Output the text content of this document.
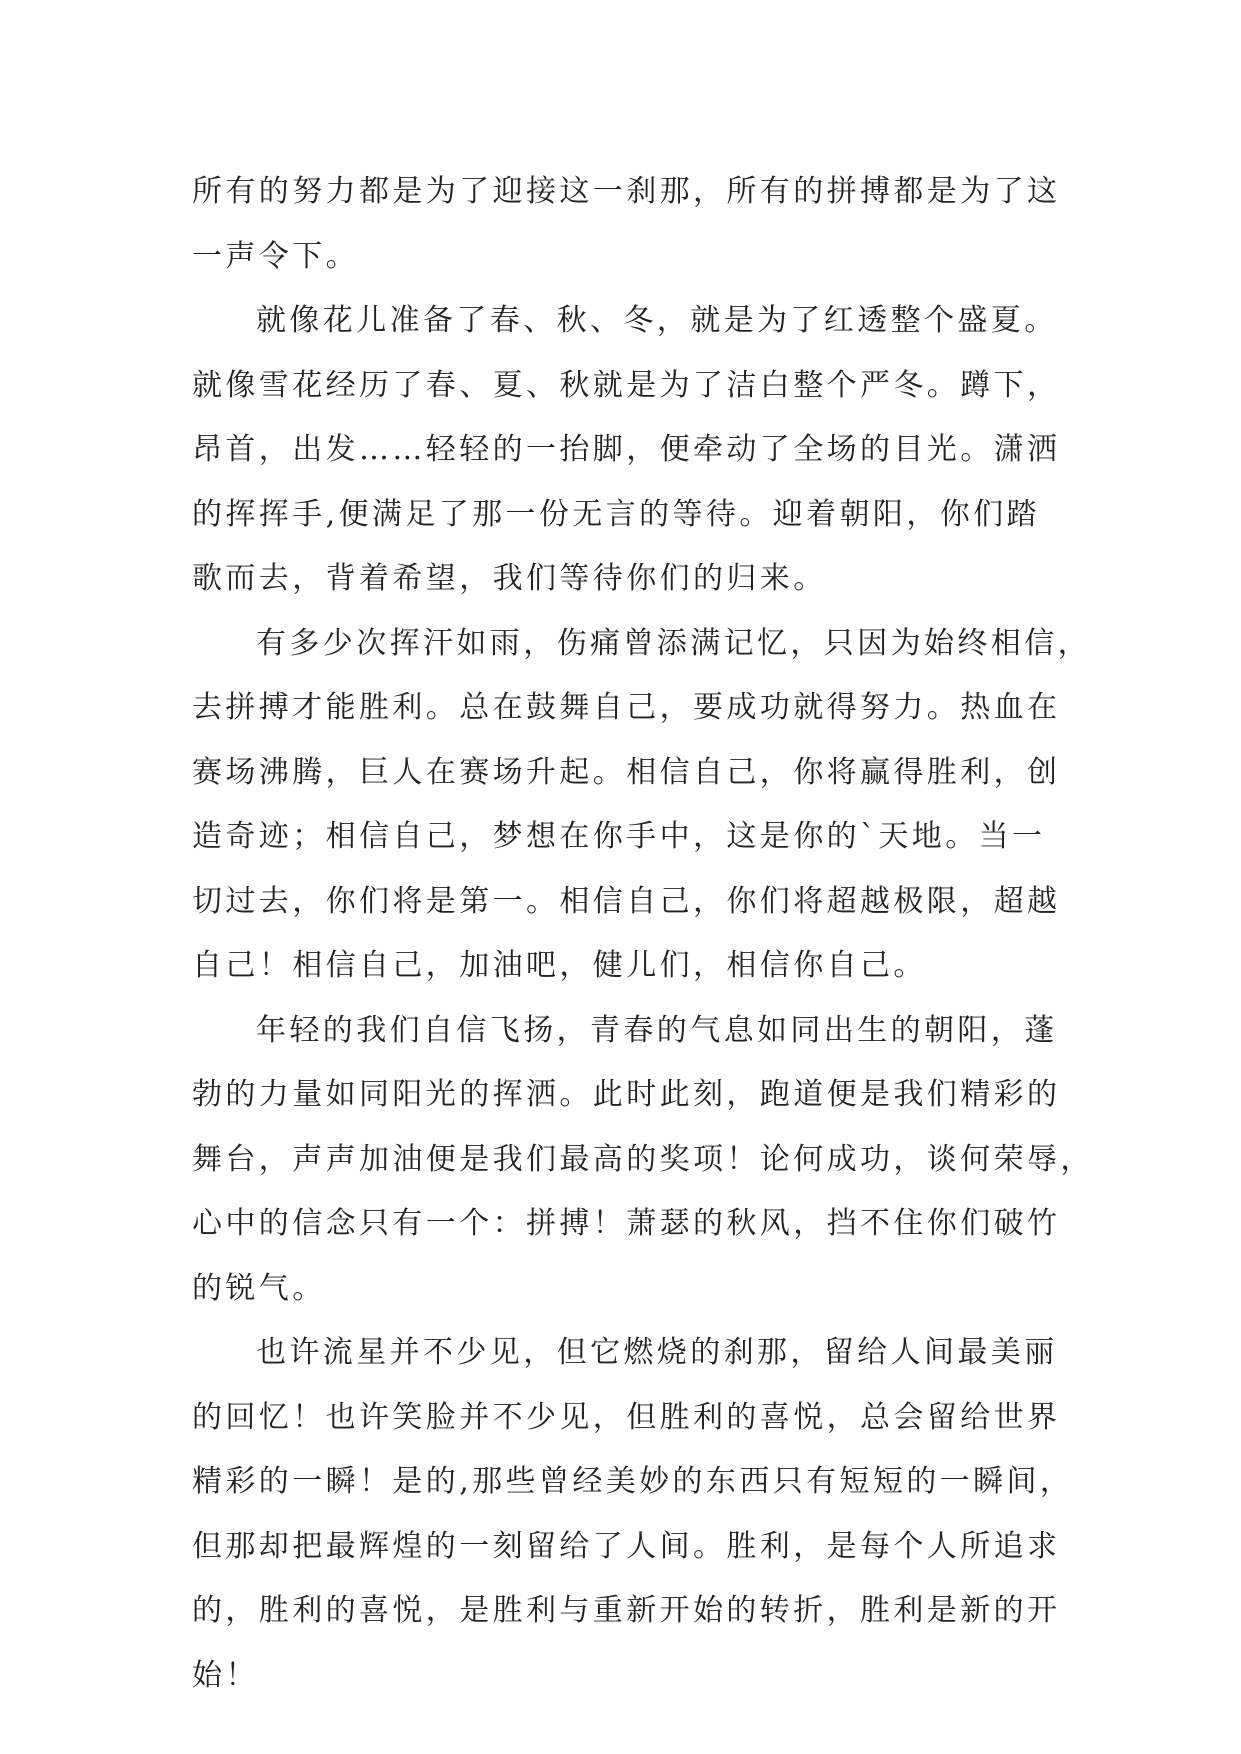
所有的努力都是为了迎接这一刹那，所有的拼搏都是为了这
一声令下。
就像花儿准备了春、秋、冬，就是为了红透整个盛夏。
就像雪花经历了春、夏、秋就是为了洁白整个严冬。蹲下，
昂首，出发……轻轻的一抬脚，便牵动了全场的目光。潇洒
的挥挥手,便满足了那一份无言的等待。迎着朝阳，你们踏
歌而去，背着希望，我们等待你们的归来。
有多少次挥汗如雨，伤痛曾添满记忆，只因为始终相信，
去拼搏才能胜利。总在鼓舞自己，要成功就得努力。热血在
赛场沸腾，巨人在赛场升起。相信自己，你将赢得胜利，创
造奇迹；相信自己，梦想在你手中，这是你的`天地。当一
切过去，你们将是第一。相信自己，你们将超越极限，超越
自己！相信自己，加油吧，健儿们，相信你自己。
年轻的我们自信飞扬，青春的气息如同出生的朝阳，蓬
勃的力量如同阳光的挥洒。此时此刻，跑道便是我们精彩的
舞台，声声加油便是我们最高的奖项！论何成功，谈何荣辱，
心中的信念只有一个：拼搏！萧瑟的秋风，挡不住你们破竹
的锐气。
也许流星并不少见，但它燃烧的刹那，留给人间最美丽
的回忆！也许笑脸并不少见，但胜利的喜悦，总会留给世界
精彩的一瞬！是的,那些曾经美妙的东西只有短短的一瞬间，
但那却把最辉煌的一刻留给了人间。胜利，是每个人所追求
的，胜利的喜悦，是胜利与重新开始的转折，胜利是新的开
始！
